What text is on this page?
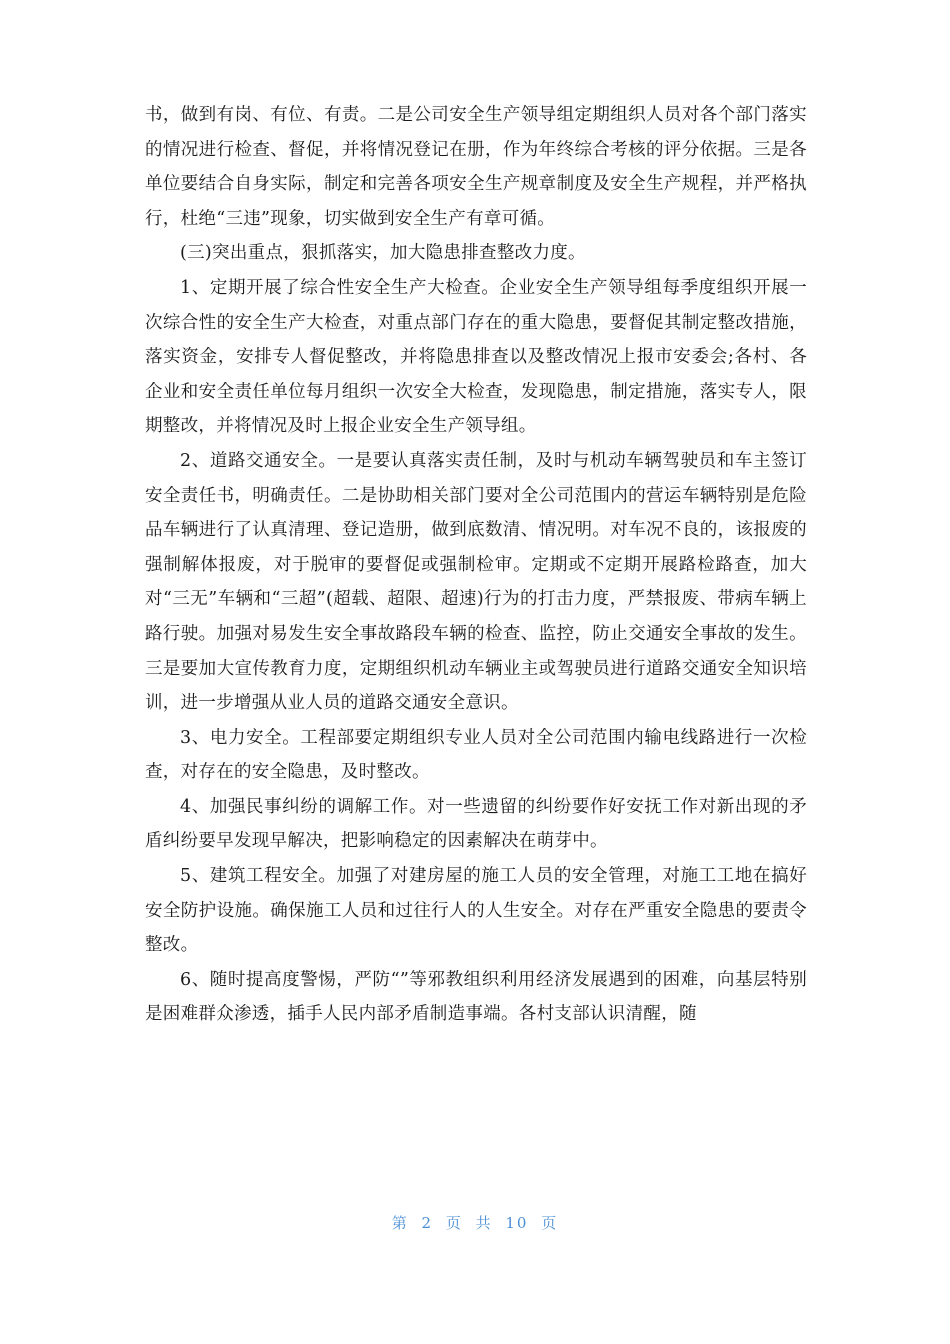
书，做到有岗、有位、有责。二是公司安全生产领导组定期组织人员对各个部门落实的情况进行检查、督促，并将情况登记在册，作为年终综合考核的评分依据。三是各单位要结合自身实际，制定和完善各项安全生产规章制度及安全生产规程，并严格执行，杜绝“三违”现象，切实做到安全生产有章可循。

(三)突出重点，狠抓落实，加大隐患排查整改力度。

1、定期开展了综合性安全生产大检查。企业安全生产领导组每季度组织开展一次综合性的安全生产大检查，对重点部门存在的重大隐患，要督促其制定整改措施，落实资金，安排专人督促整改，并将隐患排查以及整改情况上报市安委会;各村、各企业和安全责任单位每月组织一次安全大检查，发现隐患，制定措施，落实专人，限期整改，并将情况及时上报企业安全生产领导组。

2、道路交通安全。一是要认真落实责任制，及时与机动车辆驾驶员和车主签订安全责任书，明确责任。二是协助相关部门要对全公司范围内的营运车辆特别是危险品车辆进行了认真清理、登记造册，做到底数清、情况明。对车况不良的，该报废的强制解体报废，对于脱审的要督促或强制检审。定期或不定期开展路检路查，加大对“三无”车辆和“三超”(超载、超限、超速)行为的打击力度，严禁报废、带病车辆上路行驶。加强对易发生安全事故路段车辆的检查、监控，防止交通安全事故的发生。三是要加大宣传教育力度，定期组织机动车辆业主或驾驶员进行道路交通安全知识培训，进一步增强从业人员的道路交通安全意识。

3、电力安全。工程部要定期组织专业人员对全公司范围内输电线路进行一次检查，对存在的安全隐患，及时整改。

4、加强民事纠纷的调解工作。对一些遗留的纠纷要作好安抚工作对新出现的矛盾纠纷要早发现早解决，把影响稳定的因素解决在萌芽中。

5、建筑工程安全。加强了对建房屋的施工人员的安全管理，对施工工地在搞好安全防护设施。确保施工人员和过往行人的人生安全。对存在严重安全隐患的要责令整改。

6、随时提高度警惕，严防“”等邪教组织利用经济发展遇到的困难，向基层特别是困难群众渗透，插手人民内部矛盾制造事端。各村支部认识清醒，随

第 2 页 共 10 页
